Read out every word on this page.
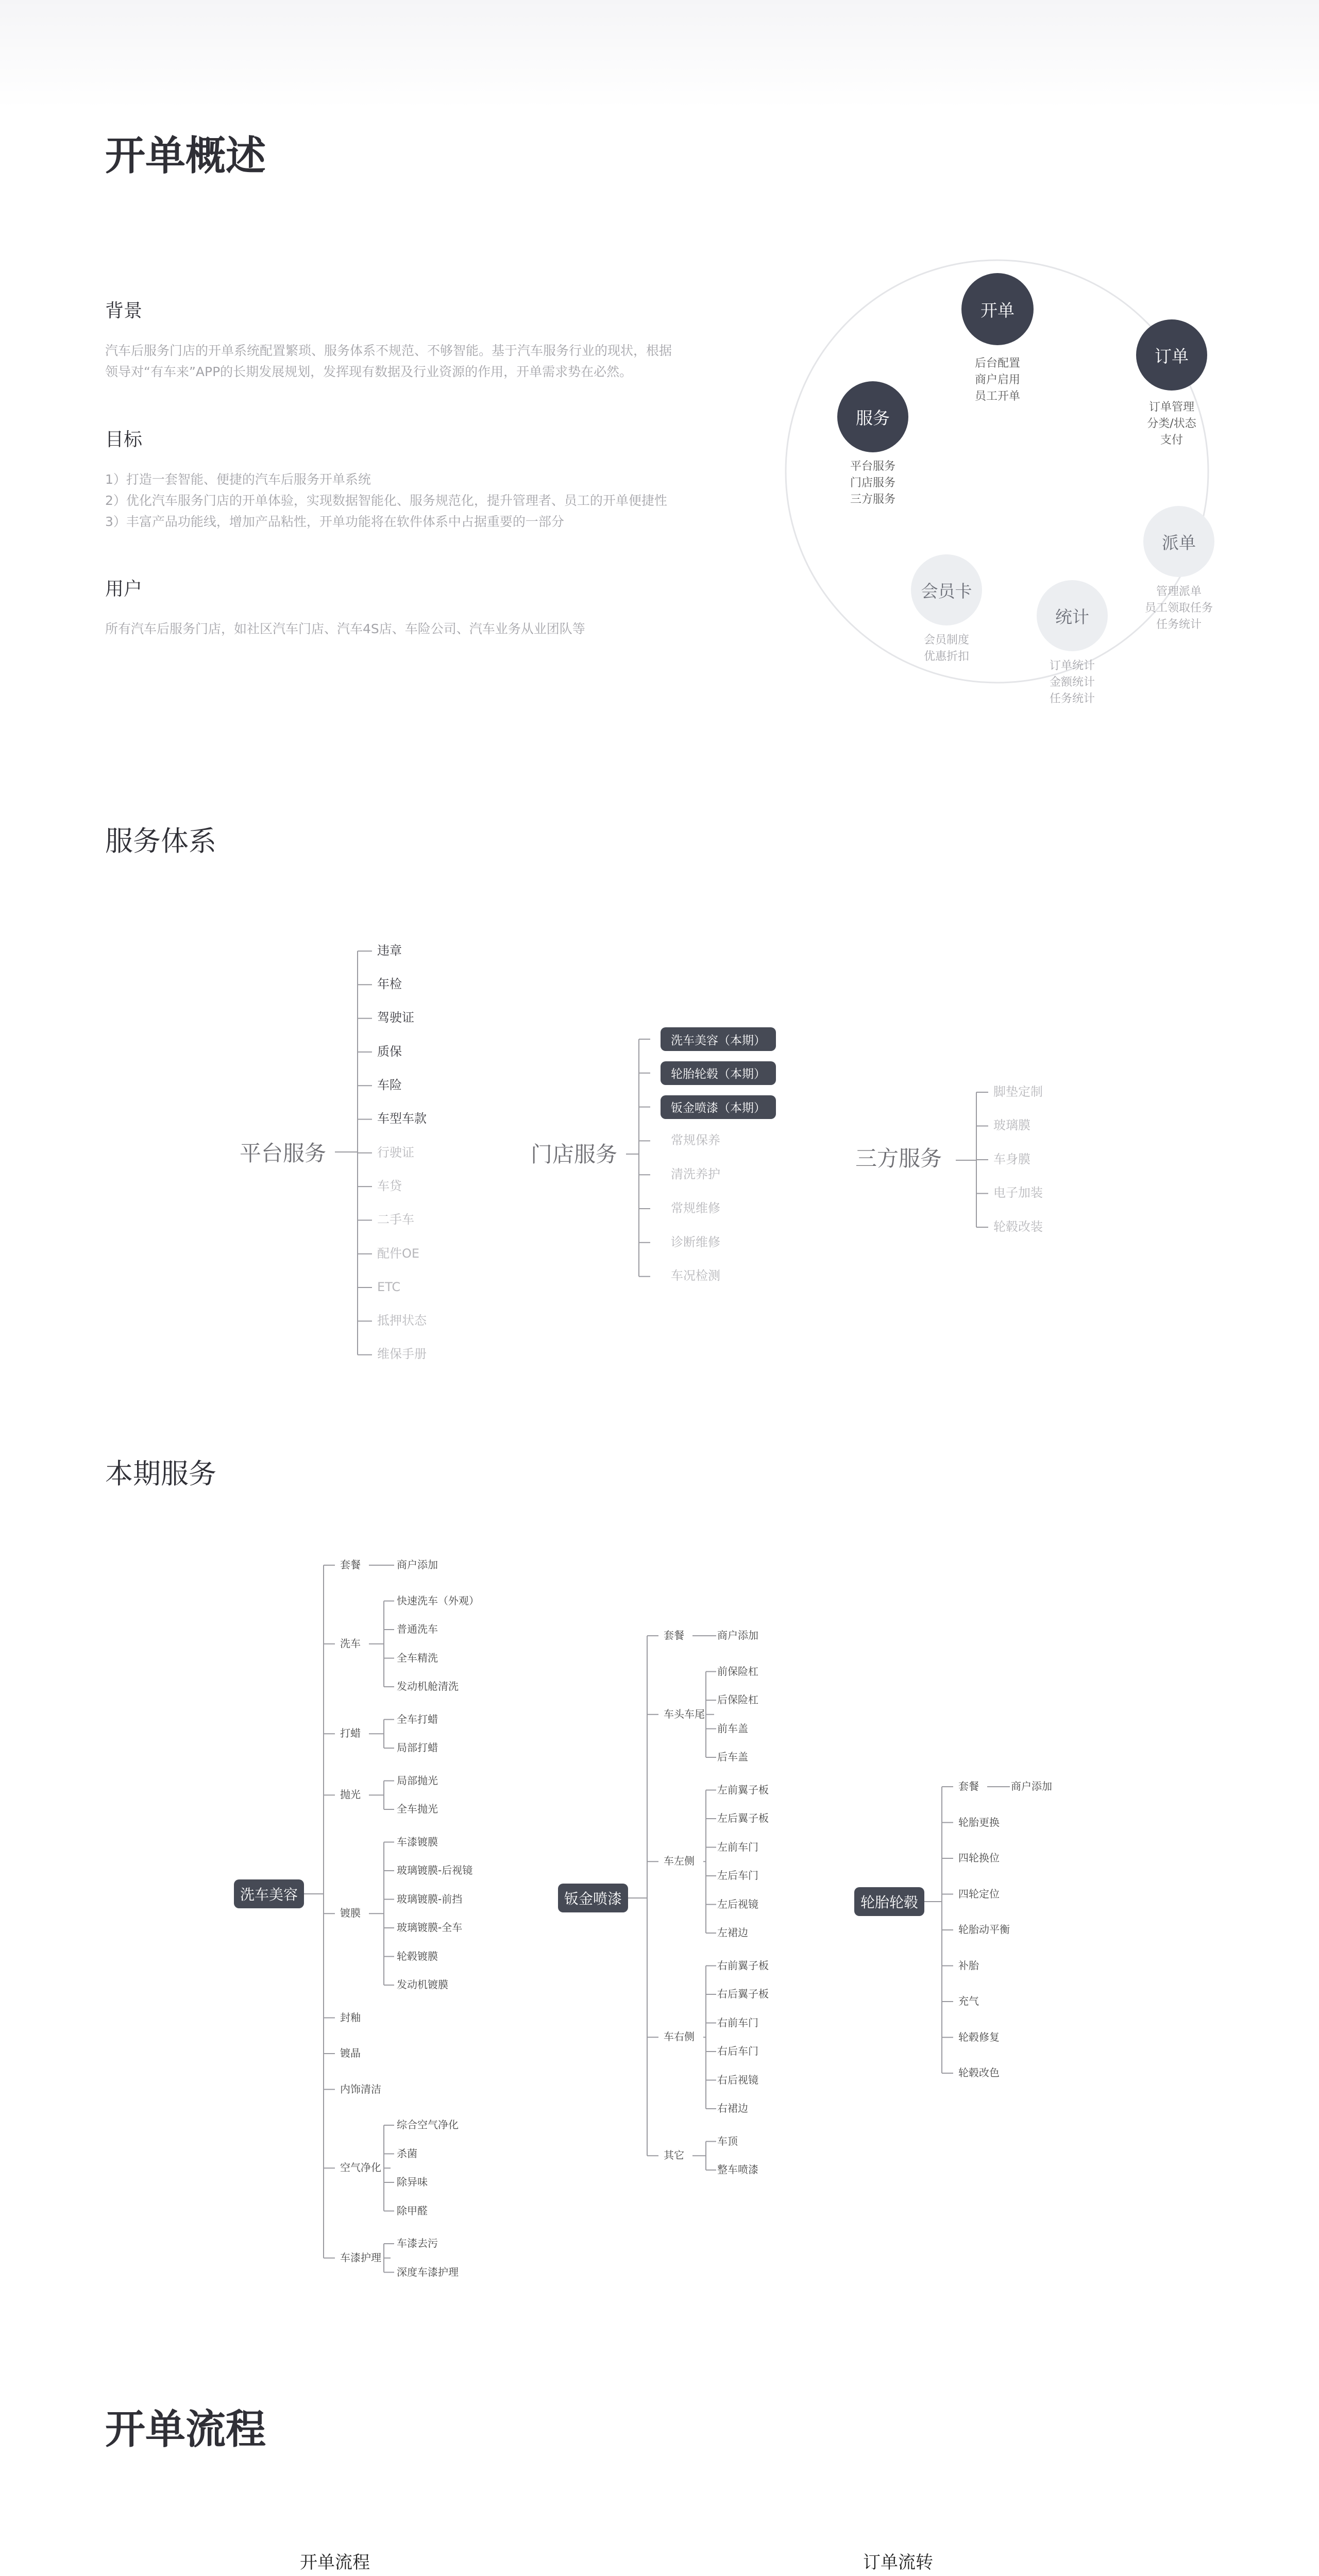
开单概述
背景
汽车后服务门店的开单系统配置繁琐、服务体系不规范、不够智能。基于汽车服务行业的现状，根据
领导对“有车来”APP的长期发展规划，发挥现有数据及行业资源的作用，开单需求势在必然。
目标
1）打造一套智能、便捷的汽车后服务开单系统
2）优化汽车服务门店的开单体验，实现数据智能化、服务规范化，提升管理者、员工的开单便捷性
3）丰富产品功能线，增加产品粘性，开单功能将在软件体系中占据重要的一部分
用户
所有汽车后服务门店，如社区汽车门店、汽车4S店、车险公司、汽车业务从业团队等
开单
后台配置
商户启用
员工开单
订单
订单管理
分类/状态
支付
派单
管理派单
员工领取任务
任务统计
统计
订单统计
金额统计
任务统计
会员卡
会员制度
优惠折扣
服务
平台服务
门店服务
三方服务
服务体系
平台服务	门店服务	三方服务
本期服务
洗车美容	钣金喷漆	轮胎轮毂
开单流程
开单流程	订单流转
违章
年检
驾驶证
质保
车险
车型车款
行驶证
车贷
二手车
配件OE
ETC
抵押状态
维保手册
洗车美容（本期）
轮胎轮毂（本期）
钣金喷漆（本期）
常规保养
清洗养护
常规维修
诊断维修
车况检测
脚垫定制
玻璃膜
车身膜
电子加装
轮毂改装
商户添加
套餐
快速洗车（外观）
普通洗车
全车精洗
发动机舱清洗
洗车
全车打蜡
局部打蜡
打蜡
局部抛光
全车抛光
抛光
车漆镀膜
玻璃镀膜-后视镜
玻璃镀膜-前挡
玻璃镀膜-全车
轮毂镀膜
发动机镀膜
镀膜
封釉
镀晶
内饰清洁
综合空气净化
杀菌
除异味
除甲醛
空气净化
车漆去污
深度车漆护理
车漆护理
商户添加
套餐
前保险杠
后保险杠
前车盖
后车盖
车头车尾
左前翼子板
左后翼子板
左前车门
左后车门
左后视镜
左裙边
车左侧
右前翼子板
右后翼子板
右前车门
右后车门
右后视镜
右裙边
车右侧
车顶
整车喷漆
其它
商户添加
套餐
轮胎更换
四轮换位
四轮定位
轮胎动平衡
补胎
充气
轮毂修复
轮毂改色
